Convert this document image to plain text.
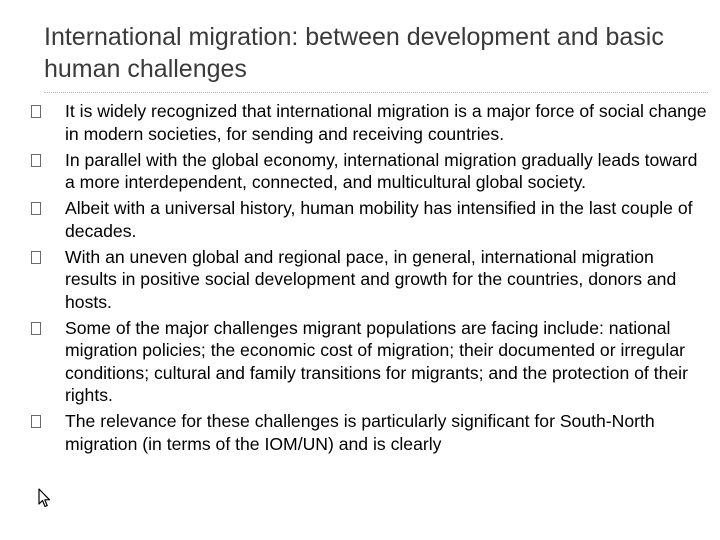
International migration: between development and basic human challenges
It is widely recognized that international migration is a major force of social change in modern societies, for sending and receiving countries.
In parallel with the global economy, international migration gradually leads toward a more interdependent, connected, and multicultural global society.
Albeit with a universal history, human mobility has intensified in the last couple of decades.
With an uneven global and regional pace, in general, international migration results in positive social development and growth for the countries, donors and hosts.
Some of the major challenges migrant populations are facing include: national migration policies; the economic cost of migration; their documented or irregular conditions; cultural and family transitions for migrants; and the protection of their rights.
The relevance for these challenges is particularly significant for South-North migration (in terms of the IOM/UN) and is clearly
